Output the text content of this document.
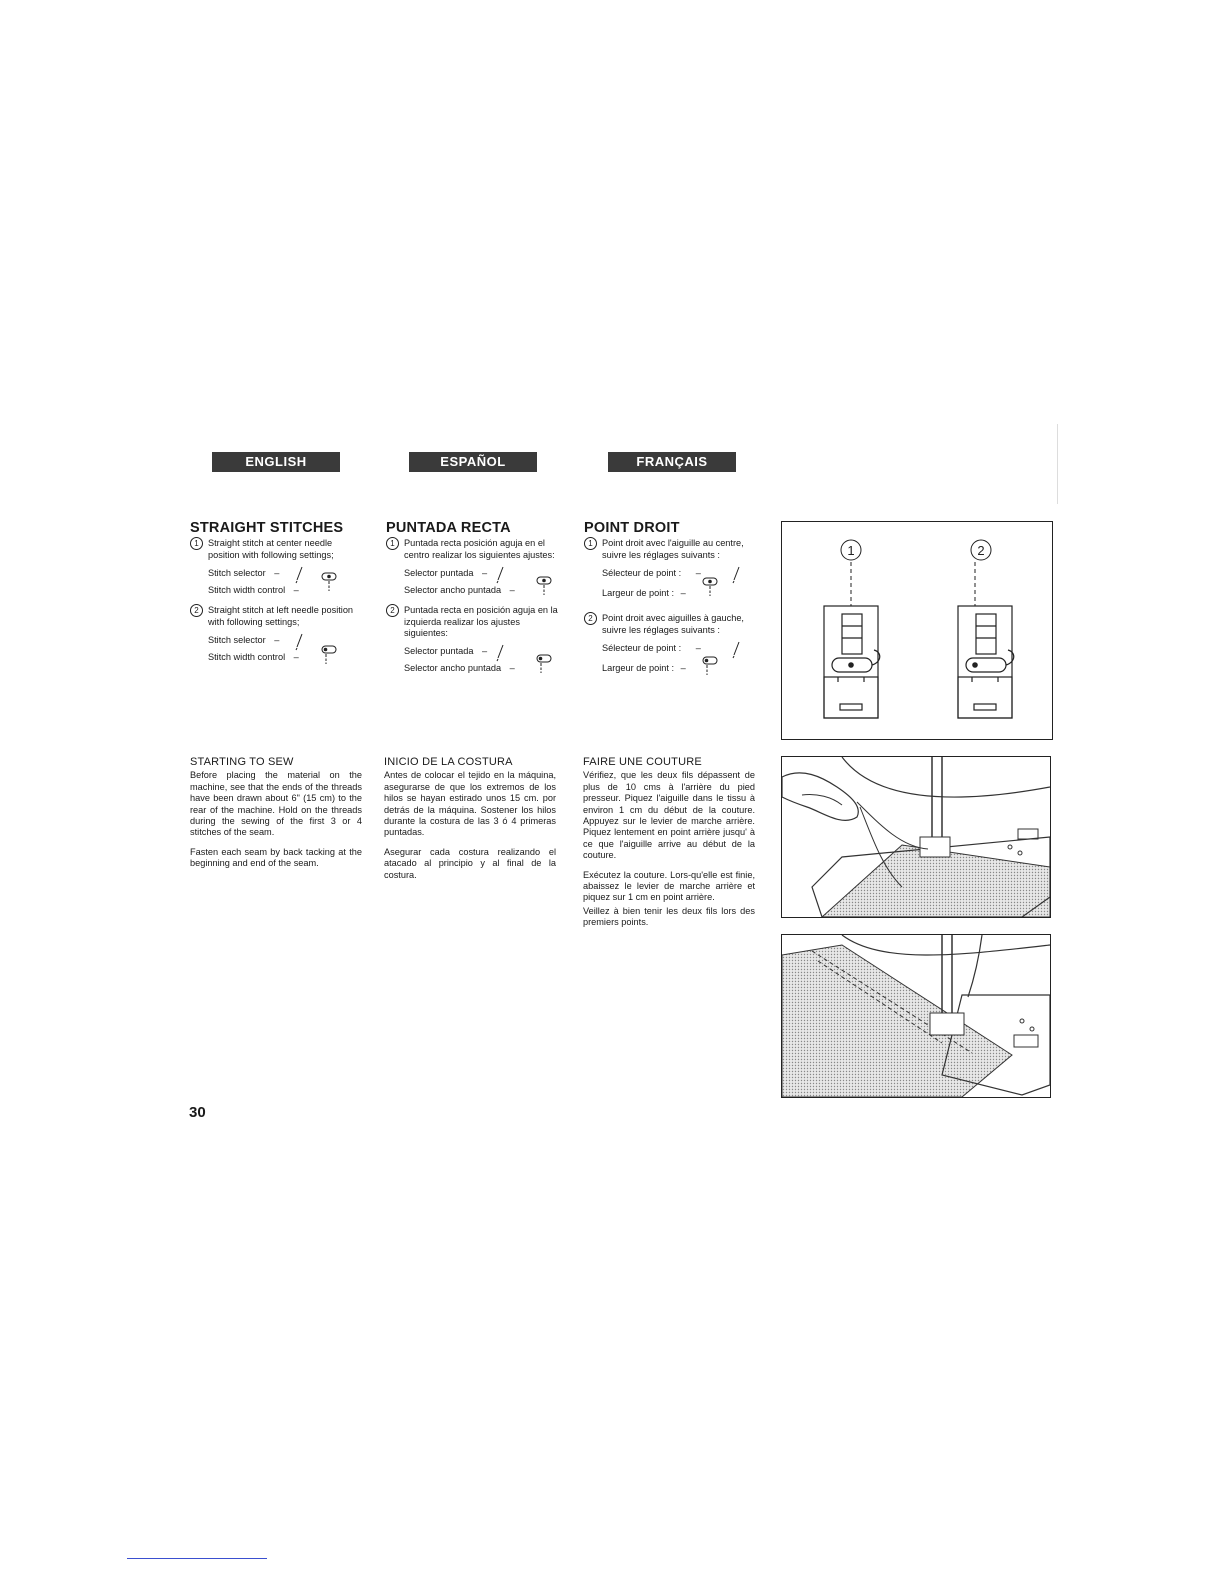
ENGLISH	ESPAÑOL	FRANÇAIS
STRAIGHT STITCHES
1	Straight stitch at center needle position with following settings;
Stitch selector –
Stitch width control –
2	Straight stitch at left needle position with following settings;
Stitch selector –
Stitch width control –
STARTING TO SEW

Before placing the material on the machine, see that the ends of the threads have been drawn about 6" (15 cm) to the rear of the machine. Hold on the threads during the sewing of the first 3 or 4 stitches of the seam.

Fasten each seam by back tacking at the beginning and end of the seam.

PUNTADA RECTA
1	Puntada recta posición aguja en el centro realizar los siguientes ajustes:
Selector puntada –
Selector ancho puntada –
2	Puntada recta en posición aguja en la izquierda realizar los ajustes siguientes:
Selector puntada –
Selector ancho puntada –
INICIO DE LA COSTURA

Antes de colocar el tejido en la máquina, asegurarse de que los extremos de los hilos se hayan estirado unos 15 cm. por detrás de la máquina. Sostener los hilos durante la costura de las 3 ó 4 primeras puntadas.

Asegurar cada costura realizando el atacado al principio y al final de la costura.

POINT DROIT
1	Point droit avec l'aiguille au centre, suivre les réglages suivants :
Sélecteur de point : –
Largeur de point : –
2	Point droit avec aiguilles à gauche, suivre les réglages suivants :
Sélecteur de point : –
Largeur de point : –
FAIRE UNE COUTURE

Vérifiez, que les deux fils dépassent de plus de 10 cms à l'arrière du pied presseur. Piquez l'aiguille dans le tissu à environ 1 cm du début de la couture. Appuyez sur le levier de marche arrière. Piquez lentement en point arrière jusqu' à ce que l'aiguille arrive au début de la couture.

Exécutez la couture. Lors-qu'elle est finie, abaissez le levier de marche arrière et piquez sur 1 cm en point arrière.

Veillez à bien tenir les deux fils lors des premiers points.

1	2
30
